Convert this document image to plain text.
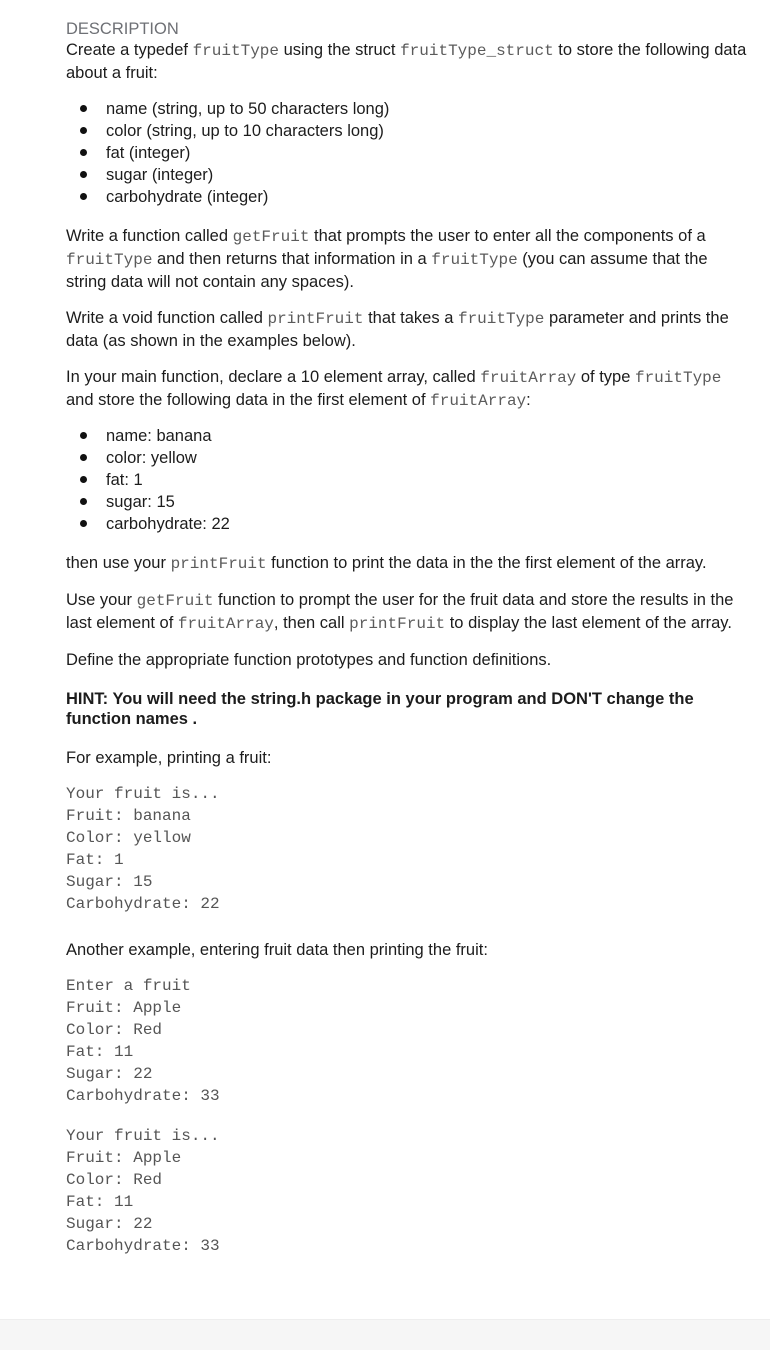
DESCRIPTION

Create a typedef fruitType using the struct fruitType_struct to store the following data about a fruit:

name (string, up to 50 characters long)
color (string, up to 10 characters long)
fat (integer)
sugar (integer)
carbohydrate (integer)

Write a function called getFruit that prompts the user to enter all the components of a fruitType and then returns that information in a fruitType (you can assume that the string data will not contain any spaces).

Write a void function called printFruit that takes a fruitType parameter and prints the data (as shown in the examples below).

In your main function, declare a 10 element array, called fruitArray of type fruitType and store the following data in the first element of fruitArray:

name: banana
color: yellow
fat: 1
sugar: 15
carbohydrate: 22

then use your printFruit function to print the data in the the first element of the array.

Use your getFruit function to prompt the user for the fruit data and store the results in the last element of fruitArray, then call printFruit to display the last element of the array.

Define the appropriate function prototypes and function definitions.

HINT: You will need the string.h package in your program and DON'T change the function names .

For example, printing a fruit:

Your fruit is...
Fruit: banana
Color: yellow
Fat: 1
Sugar: 15
Carbohydrate: 22

Another example, entering fruit data then printing the fruit:

Enter a fruit
Fruit: Apple
Color: Red
Fat: 11
Sugar: 22
Carbohydrate: 33
Your fruit is...
Fruit: Apple
Color: Red
Fat: 11
Sugar: 22
Carbohydrate: 33
